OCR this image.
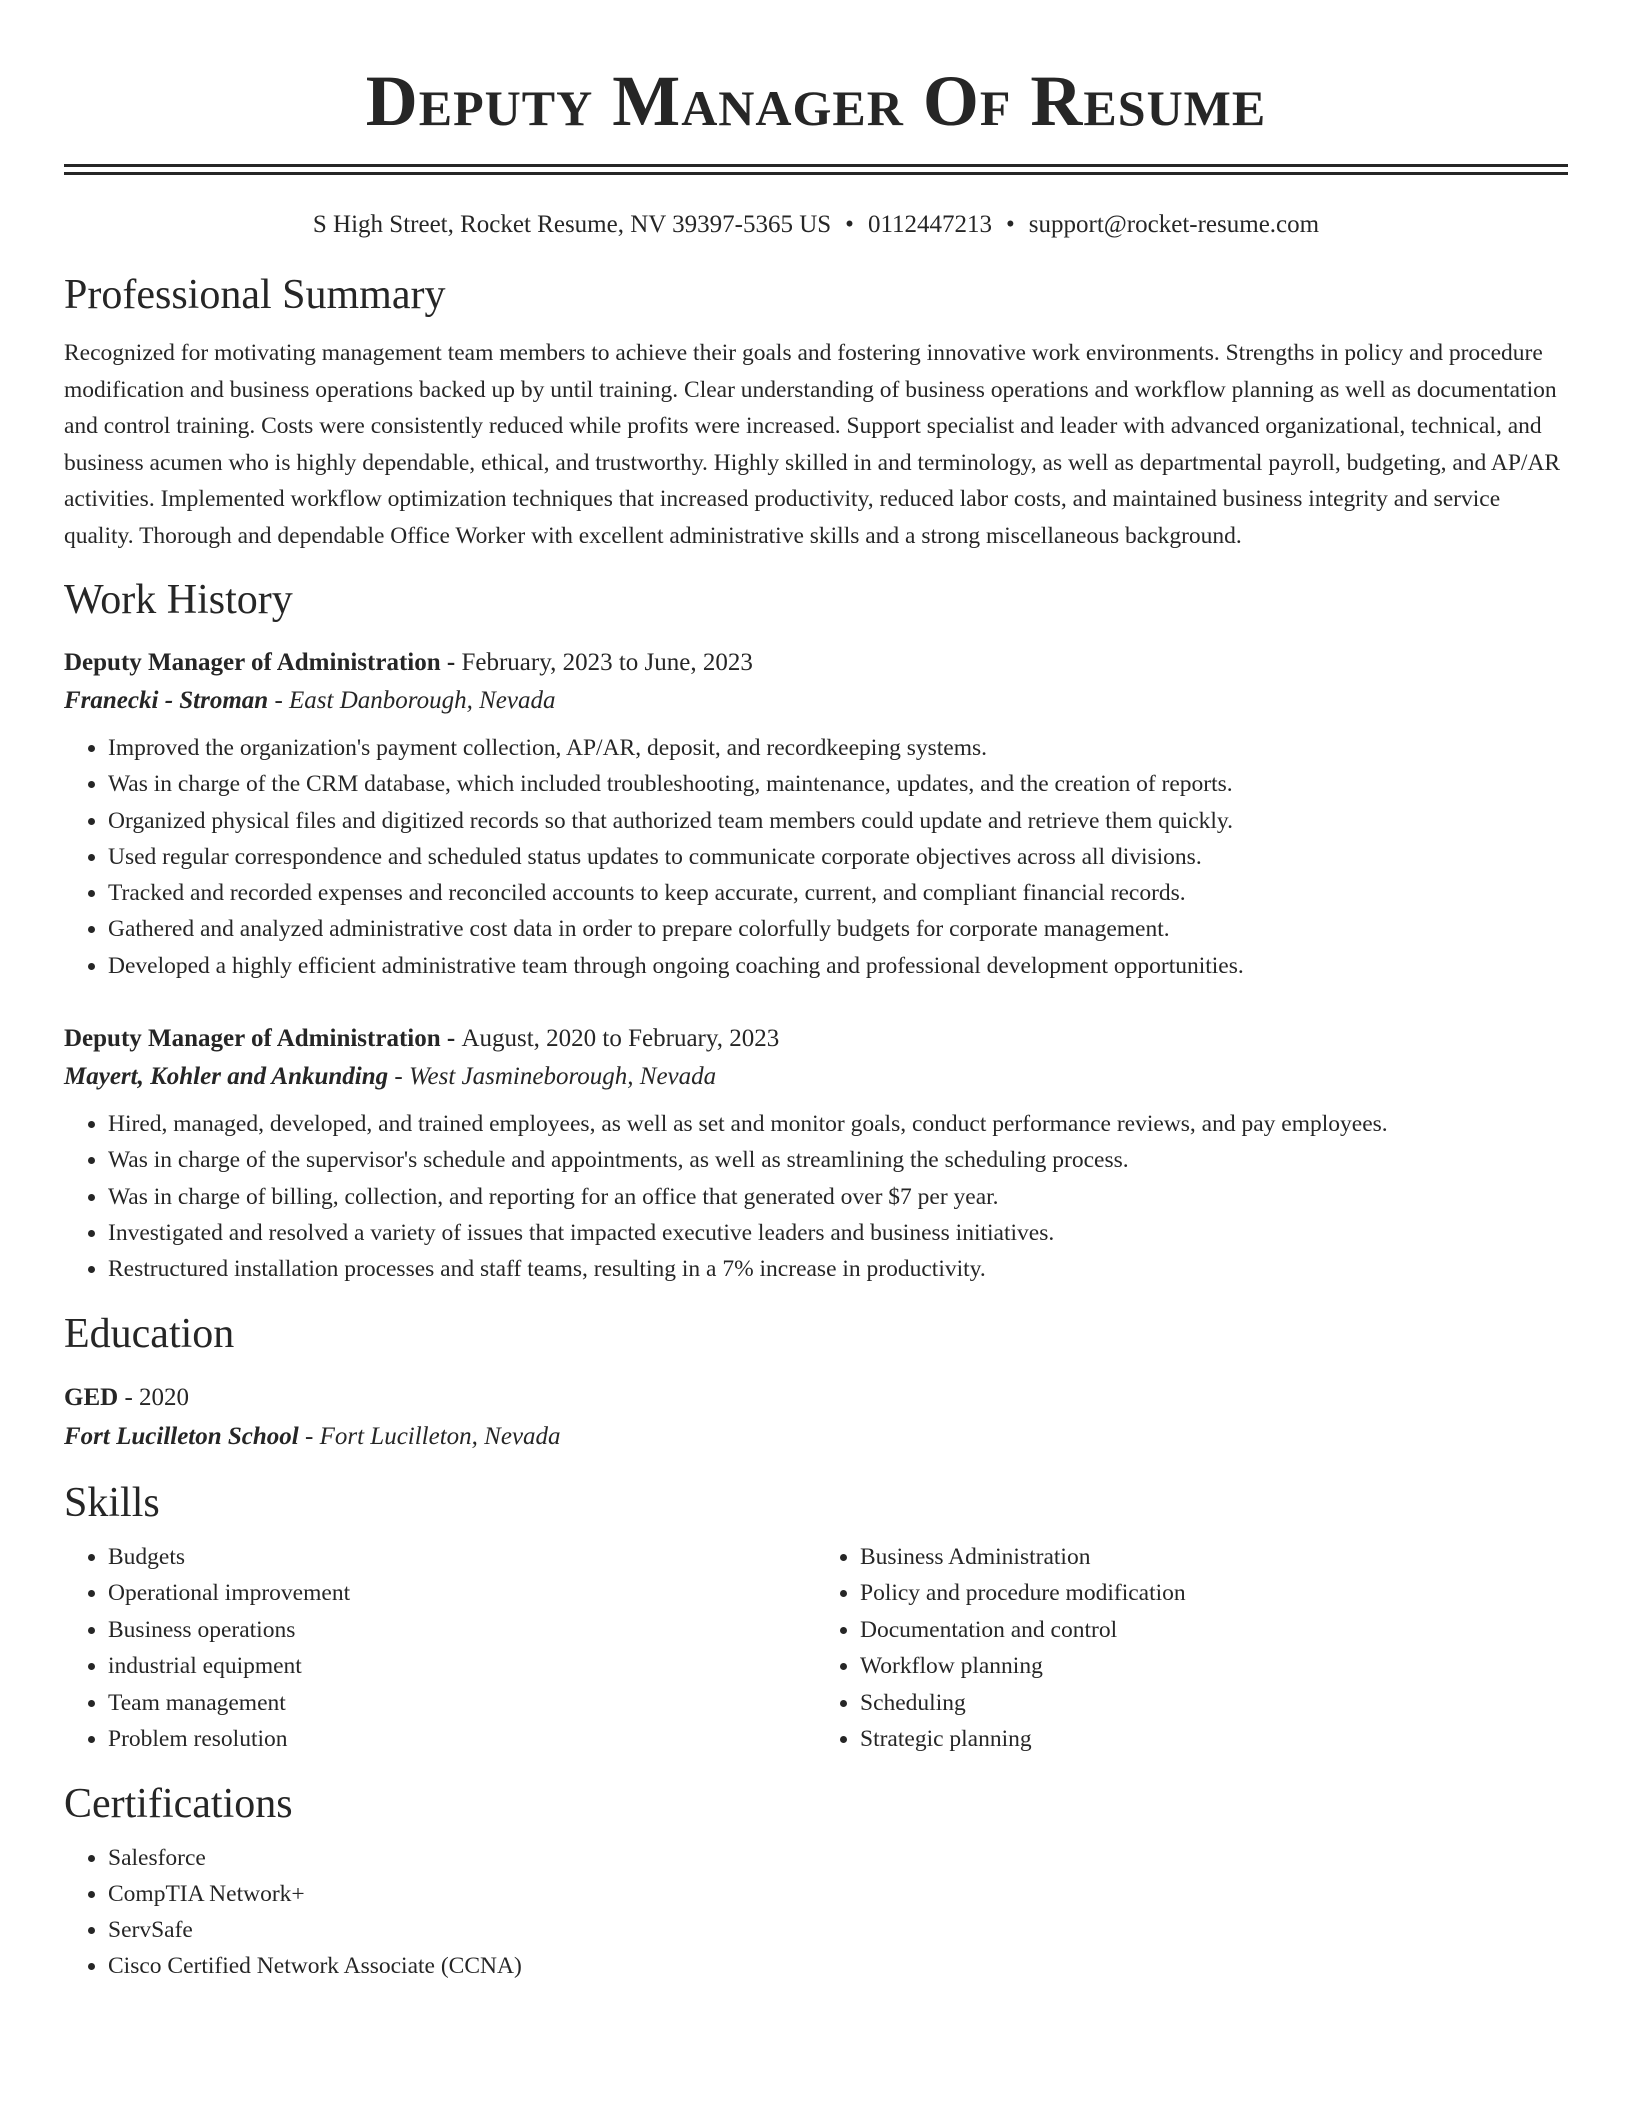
Deputy Manager Of Resume
S High Street, Rocket Resume, NV 39397-5365 US • 0112447213 • support@rocket-resume.com
Professional Summary

Recognized for motivating management team members to achieve their goals and fostering innovative work environments. Strengths in policy and procedure modification and business operations backed up by until training. Clear understanding of business operations and workflow planning as well as documentation and control training. Costs were consistently reduced while profits were increased. Support specialist and leader with advanced organizational, technical, and business acumen who is highly dependable, ethical, and trustworthy. Highly skilled in and terminology, as well as departmental payroll, budgeting, and AP/AR activities. Implemented workflow optimization techniques that increased productivity, reduced labor costs, and maintained business integrity and service quality. Thorough and dependable Office Worker with excellent administrative skills and a strong miscellaneous background.

Work History
Deputy Manager of Administration - February, 2023 to June, 2023
Franecki - Stroman - East Danborough, Nevada
• Improved the organization's payment collection, AP/AR, deposit, and recordkeeping systems.
• Was in charge of the CRM database, which included troubleshooting, maintenance, updates, and the creation of reports.
• Organized physical files and digitized records so that authorized team members could update and retrieve them quickly.
• Used regular correspondence and scheduled status updates to communicate corporate objectives across all divisions.
• Tracked and recorded expenses and reconciled accounts to keep accurate, current, and compliant financial records.
• Gathered and analyzed administrative cost data in order to prepare colorfully budgets for corporate management.
• Developed a highly efficient administrative team through ongoing coaching and professional development opportunities.
Deputy Manager of Administration - August, 2020 to February, 2023
Mayert, Kohler and Ankunding - West Jasmineborough, Nevada
• Hired, managed, developed, and trained employees, as well as set and monitor goals, conduct performance reviews, and pay employees.
• Was in charge of the supervisor's schedule and appointments, as well as streamlining the scheduling process.
• Was in charge of billing, collection, and reporting for an office that generated over $7 per year.
• Investigated and resolved a variety of issues that impacted executive leaders and business initiatives.
• Restructured installation processes and staff teams, resulting in a 7% increase in productivity.
Education
GED - 2020
Fort Lucilleton School - Fort Lucilleton, Nevada
Skills
• Budgets
• Operational improvement
• Business operations
• industrial equipment
• Team management
• Problem resolution
• Business Administration
• Policy and procedure modification
• Documentation and control
• Workflow planning
• Scheduling
• Strategic planning
Certifications
• Salesforce
• CompTIA Network+
• ServSafe
• Cisco Certified Network Associate (CCNA)
